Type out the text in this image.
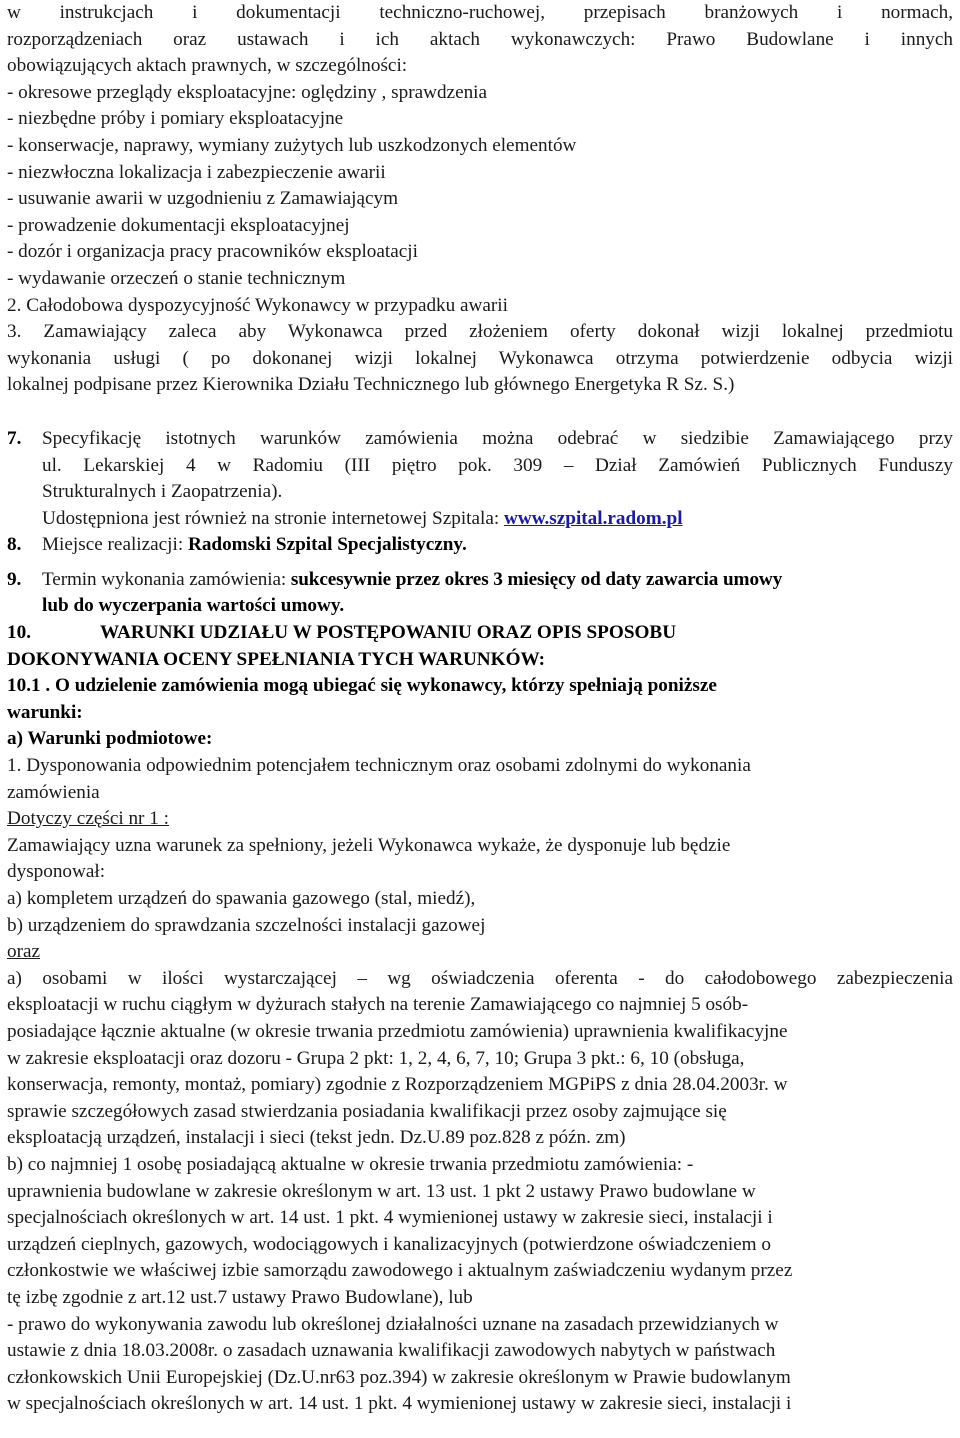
w instrukcjach i dokumentacji techniczno-ruchowej, przepisach branżowych i normach,
rozporządzeniach oraz ustawach i ich aktach wykonawczych: Prawo Budowlane i innych
obowiązujących aktach prawnych, w szczególności:
- okresowe przeglądy eksploatacyjne: oględziny , sprawdzenia
- niezbędne próby i pomiary eksploatacyjne
- konserwacje, naprawy, wymiany zużytych lub uszkodzonych elementów
- niezwłoczna lokalizacja i zabezpieczenie awarii
- usuwanie awarii w uzgodnieniu z Zamawiającym
- prowadzenie dokumentacji eksploatacyjnej
- dozór i organizacja pracy pracowników eksploatacji
- wydawanie orzeczeń o stanie technicznym
2. Całodobowa dyspozycyjność Wykonawcy w przypadku awarii
3. Zamawiający zaleca aby Wykonawca przed złożeniem oferty dokonał wizji lokalnej przedmiotu
wykonania usługi ( po dokonanej wizji lokalnej Wykonawca otrzyma potwierdzenie odbycia wizji
lokalnej podpisane przez Kierownika Działu Technicznego lub głównego Energetyka R Sz. S.)
7. Specyfikację istotnych warunków zamówienia można odebrać w siedzibie Zamawiającego przy
ul. Lekarskiej 4 w Radomiu (III piętro pok. 309 – Dział Zamówień Publicznych Funduszy
Strukturalnych i Zaopatrzenia).
Udostępniona jest również na stronie internetowej Szpitala: www.szpital.radom.pl
8. Miejsce realizacji: Radomski Szpital Specjalistyczny.
9. Termin wykonania zamówienia: sukcesywnie przez okres 3 miesięcy od daty zawarcia umowy
lub do wyczerpania wartości umowy.
10.	WARUNKI UDZIAŁU W POSTĘPOWANIU ORAZ OPIS SPOSOBU
DOKONYWANIA OCENY SPEŁNIANIA TYCH WARUNKÓW:
10.1 . O udzielenie zamówienia mogą ubiegać się wykonawcy, którzy spełniają poniższe
warunki:
a) Warunki podmiotowe:
1. Dysponowania odpowiednim potencjałem technicznym oraz osobami zdolnymi do wykonania
zamówienia
Dotyczy części nr 1 :
Zamawiający uzna warunek za spełniony, jeżeli Wykonawca wykaże, że dysponuje lub będzie
dysponował:
a) kompletem urządzeń do spawania gazowego (stal, miedź),
b) urządzeniem do sprawdzania szczelności instalacji gazowej
oraz
a) osobami w ilości wystarczającej – wg oświadczenia oferenta - do całodobowego zabezpieczenia
eksploatacji w ruchu ciągłym w dyżurach stałych na terenie Zamawiającego co najmniej 5 osób-
posiadające łącznie aktualne (w okresie trwania przedmiotu zamówienia) uprawnienia kwalifikacyjne
w zakresie eksploatacji oraz dozoru - Grupa 2 pkt: 1, 2, 4, 6, 7, 10; Grupa 3 pkt.: 6, 10 (obsługa,
konserwacja, remonty, montaż, pomiary) zgodnie z Rozporządzeniem MGPiPS z dnia 28.04.2003r. w
sprawie szczegółowych zasad stwierdzania posiadania kwalifikacji przez osoby zajmujące się
eksploatacją urządzeń, instalacji i sieci (tekst jedn. Dz.U.89 poz.828 z późn. zm)
b) co najmniej 1 osobę posiadającą aktualne w okresie trwania przedmiotu zamówienia: -
uprawnienia budowlane w zakresie określonym w art. 13 ust. 1 pkt 2 ustawy Prawo budowlane w
specjalnościach określonych w art. 14 ust. 1 pkt. 4 wymienionej ustawy w zakresie sieci, instalacji i
urządzeń cieplnych, gazowych, wodociągowych i kanalizacyjnych (potwierdzone oświadczeniem o
członkostwie we właściwej izbie samorządu zawodowego i aktualnym zaświadczeniu wydanym przez
tę izbę zgodnie z art.12 ust.7 ustawy Prawo Budowlane), lub
- prawo do wykonywania zawodu lub określonej działalności uznane na zasadach przewidzianych w
ustawie z dnia 18.03.2008r. o zasadach uznawania kwalifikacji zawodowych nabytych w państwach
członkowskich Unii Europejskiej (Dz.U.nr63 poz.394) w zakresie określonym w Prawie budowlanym
w specjalnościach określonych w art. 14 ust. 1 pkt. 4 wymienionej ustawy w zakresie sieci, instalacji i
